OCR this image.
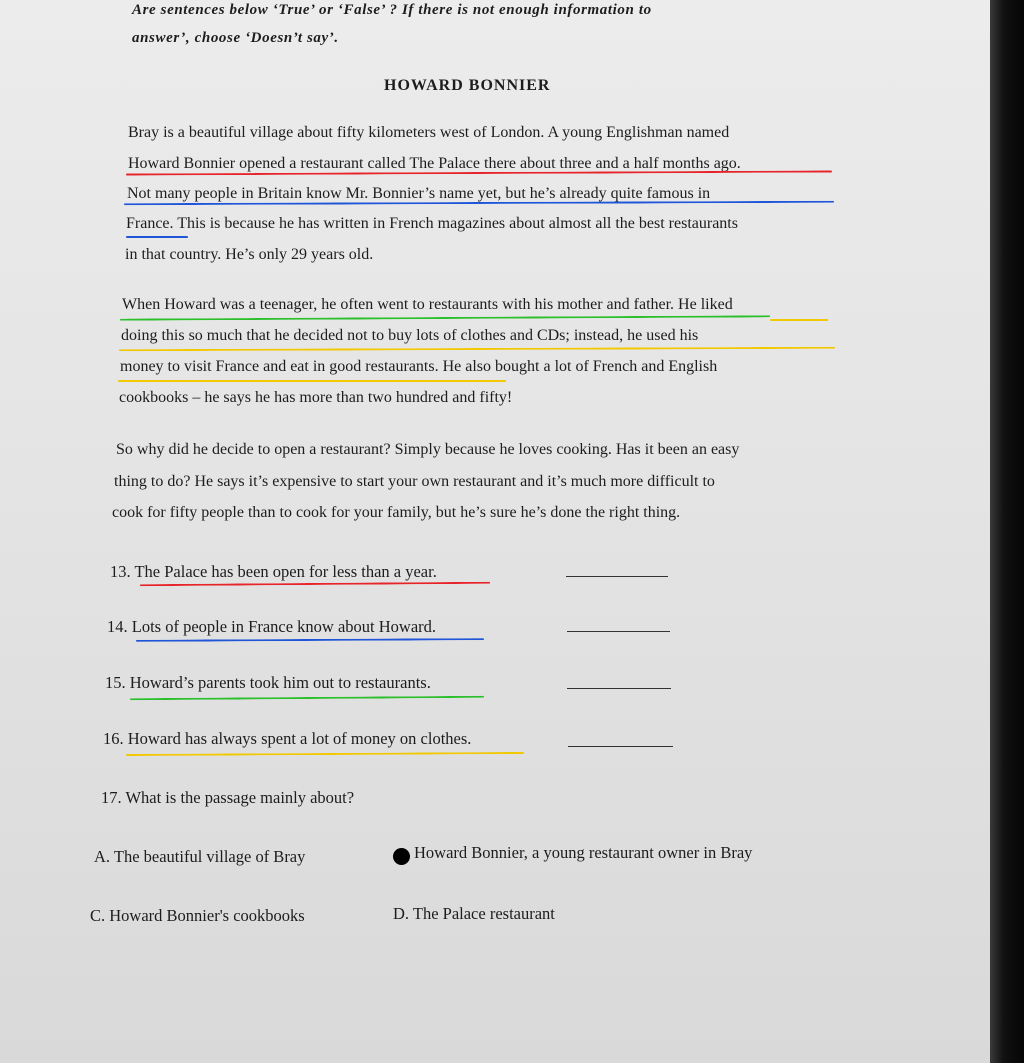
Are sentences below ‘True’ or ‘False’ ? If there is not enough information to
answer’, choose ‘Doesn’t say’.
HOWARD BONNIER
Bray is a beautiful village about fifty kilometers west of London. A young Englishman named
Howard Bonnier opened a restaurant called The Palace there about three and a half months ago.
Not many people in Britain know Mr. Bonnier’s name yet, but he’s already quite famous in
France. This is because he has written in French magazines about almost all the best restaurants
in that country. He’s only 29 years old.
When Howard was a teenager, he often went to restaurants with his mother and father. He liked
doing this so much that he decided not to buy lots of clothes and CDs; instead, he used his
money to visit France and eat in good restaurants. He also bought a lot of French and English
cookbooks – he says he has more than two hundred and fifty!
So why did he decide to open a restaurant? Simply because he loves cooking. Has it been an easy
thing to do? He says it’s expensive to start your own restaurant and it’s much more difficult to
cook for fifty people than to cook for your family, but he’s sure he’s done the right thing.
13. The Palace has been open for less than a year.
14. Lots of people in France know about Howard.
15. Howard’s parents took him out to restaurants.
16. Howard has always spent a lot of money on clothes.
17. What is the passage mainly about?
A. The beautiful village of Bray	Howard Bonnier, a young restaurant owner in Bray
C. Howard Bonnier's cookbooks	D. The Palace restaurant
